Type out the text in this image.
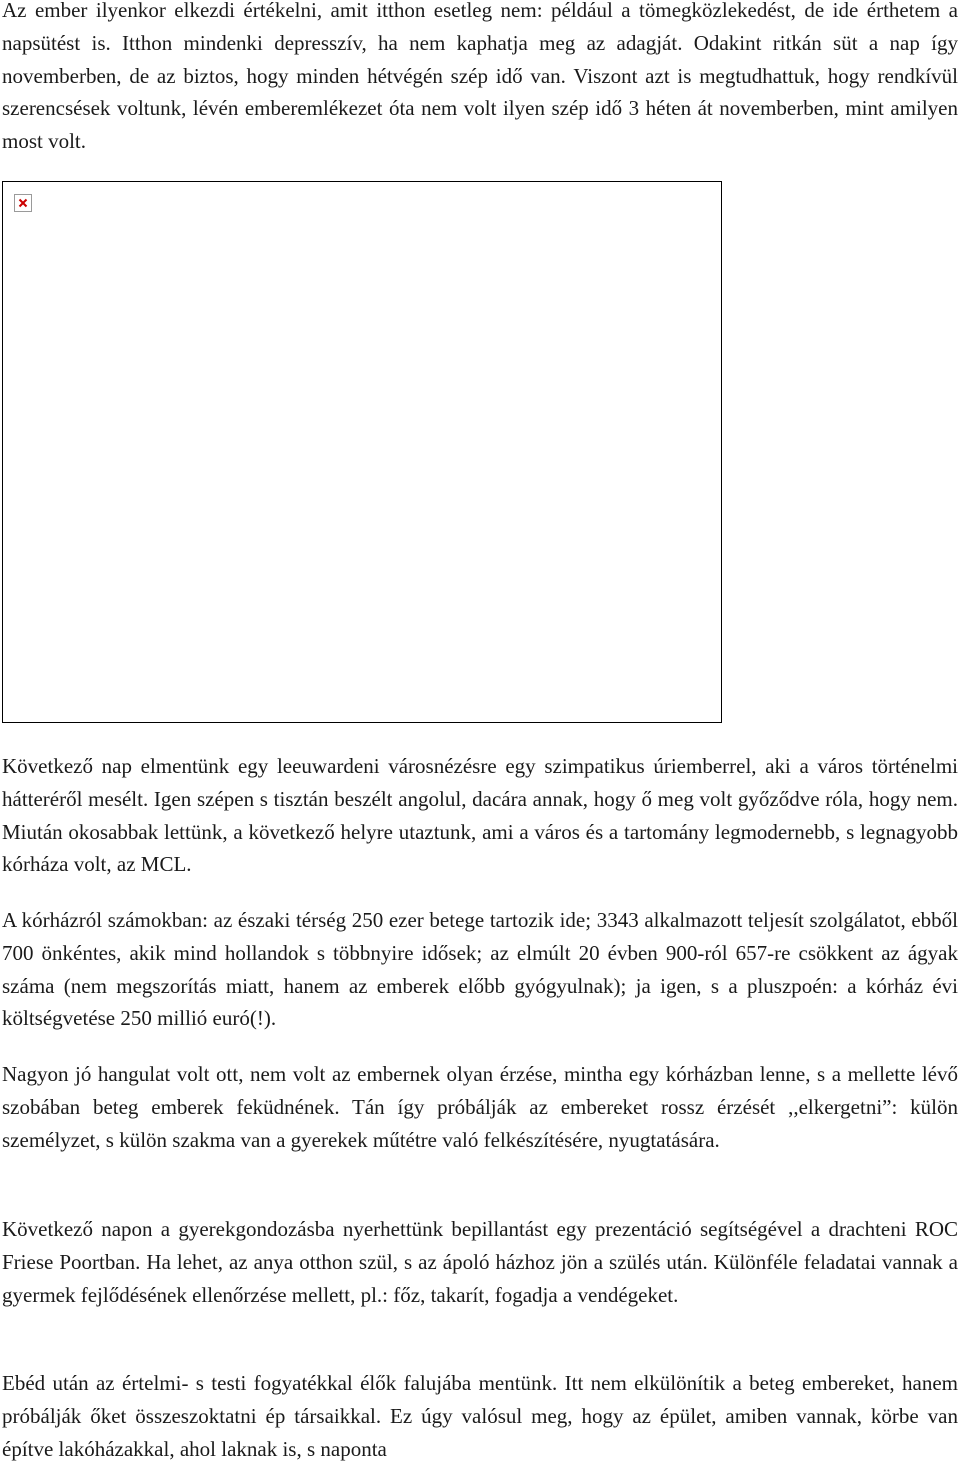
Az ember ilyenkor elkezdi értékelni, amit itthon esetleg nem: például a tömegközlekedést, de ide érthetem a napsütést is. Itthon mindenki depresszív, ha nem kaphatja meg az adagját. Odakint ritkán süt a nap így novemberben, de az biztos, hogy minden hétvégén szép idő van. Viszont azt is megtudhattuk, hogy rendkívül szerencsések voltunk, lévén emberemlékezet óta nem volt ilyen szép idő 3 héten át novemberben, mint amilyen most volt.

Következő nap elmentünk egy leeuwardeni városnézésre egy szimpatikus úriemberrel, aki a város történelmi hátteréről mesélt. Igen szépen s tisztán beszélt angolul, dacára annak, hogy ő meg volt győződve róla, hogy nem. Miután okosabbak lettünk, a következő helyre utaztunk, ami a város és a tartomány legmodernebb, s legnagyobb kórháza volt, az MCL.

A kórházról számokban: az északi térség 250 ezer betege tartozik ide; 3343 alkalmazott teljesít szolgálatot, ebből 700 önkéntes, akik mind hollandok s többnyire idősek; az elmúlt 20 évben 900-ról 657-re csökkent az ágyak száma (nem megszorítás miatt, hanem az emberek előbb gyógyulnak); ja igen, s a pluszpoén: a kórház évi költségvetése 250 millió euró(!).

Nagyon jó hangulat volt ott, nem volt az embernek olyan érzése, mintha egy kórházban lenne, s a mellette lévő szobában beteg emberek feküdnének. Tán így próbálják az embereket rossz érzését ,,elkergetni”: külön személyzet, s külön szakma van a gyerekek műtétre való felkészítésére, nyugtatására.

Következő napon a gyerekgondozásba nyerhettünk bepillantást egy prezentáció segítségével a drachteni ROC Friese Poortban. Ha lehet, az anya otthon szül, s az ápoló házhoz jön a szülés után. Különféle feladatai vannak a gyermek fejlődésének ellenőrzése mellett, pl.: főz, takarít, fogadja a vendégeket.

Ebéd után az értelmi- s testi fogyatékkal élők falujába mentünk. Itt nem elkülönítik a beteg embereket, hanem próbálják őket összeszoktatni ép társaikkal. Ez úgy valósul meg, hogy az épület, amiben vannak, körbe van építve lakóházakkal, ahol laknak is, s naponta
